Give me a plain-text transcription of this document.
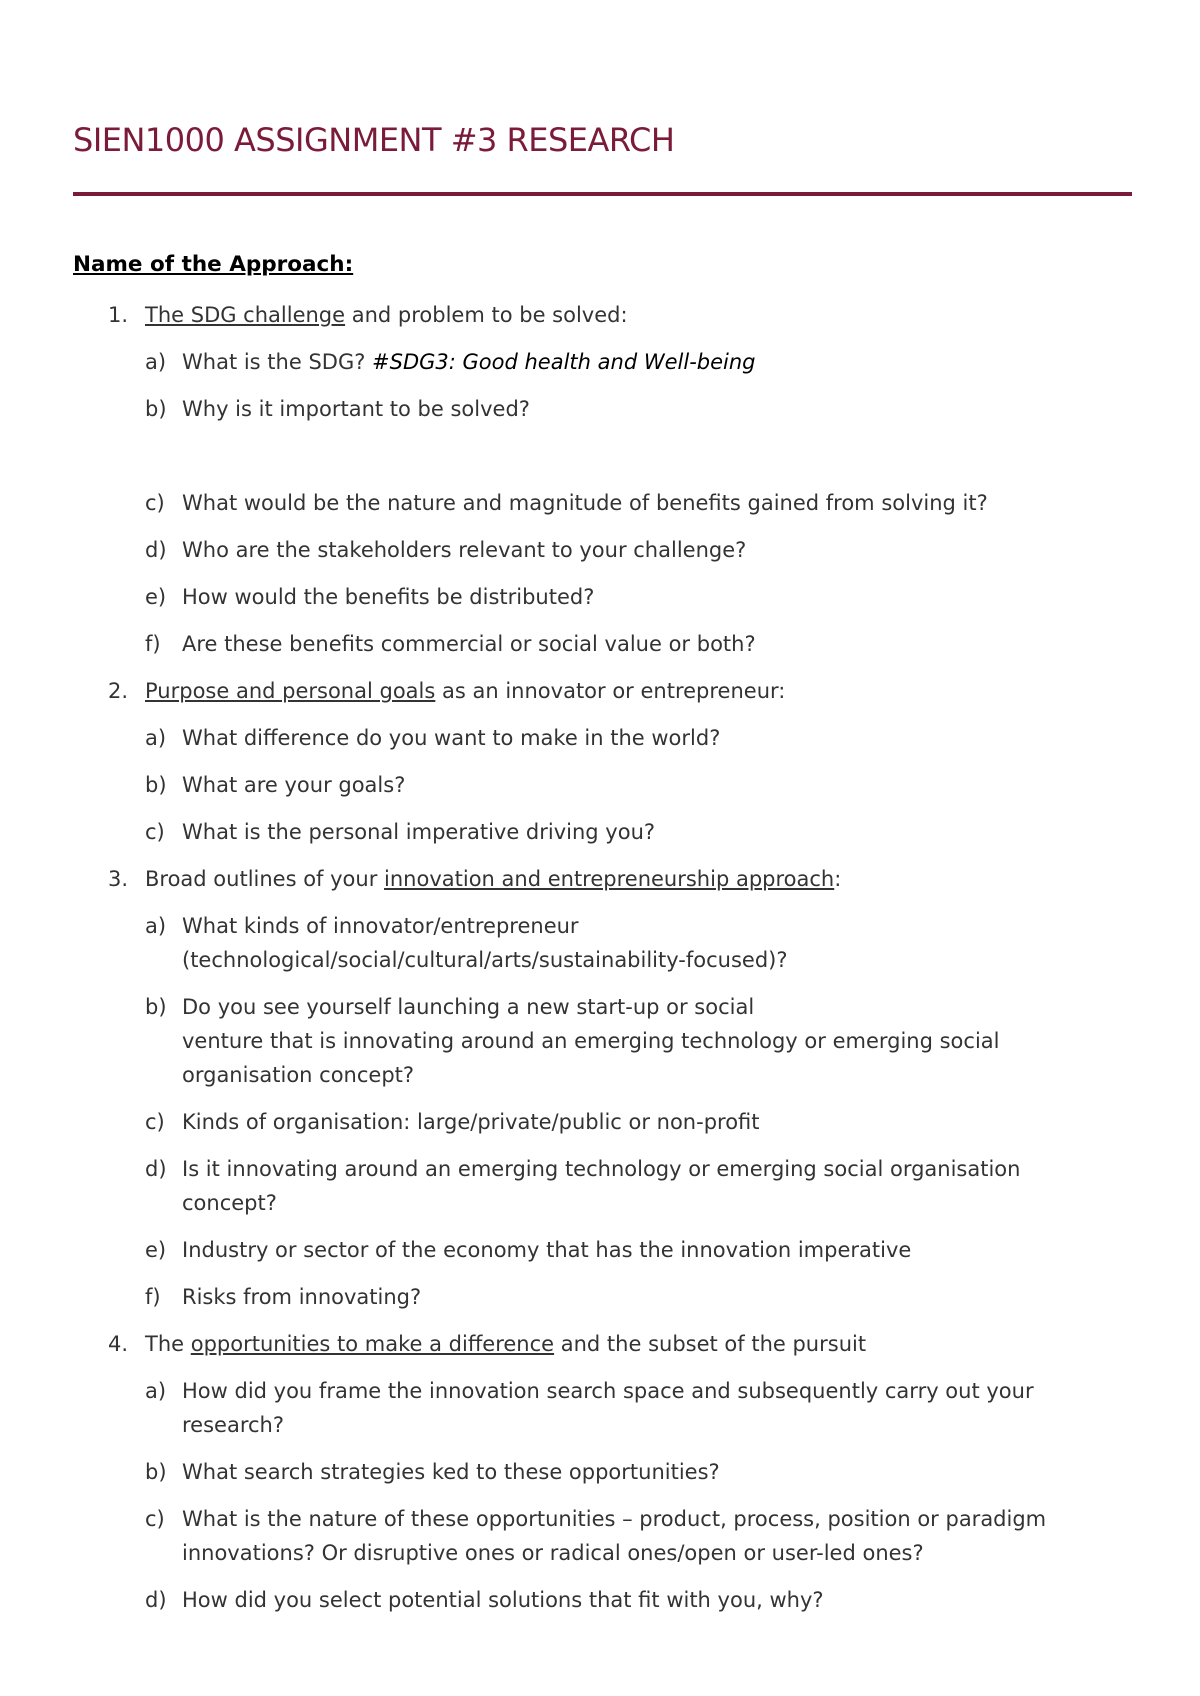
SIEN1000 ASSIGNMENT #3 RESEARCH
Name of the Approach:
1. The SDG challenge and problem to be solved:
a) What is the SDG? #SDG3: Good health and Well-being
b) Why is it important to be solved?
c) What would be the nature and magnitude of benefits gained from solving it?
d) Who are the stakeholders relevant to your challenge?
e) How would the benefits be distributed?
f)	Are these benefits commercial or social value or both?
2. Purpose and personal goals as an innovator or entrepreneur:
a) What difference do you want to make in the world?
b) What are your goals?
c) What is the personal imperative driving you?
3. Broad outlines of your innovation and entrepreneurship approach:
a) What kinds of innovator/entrepreneur
(technological/social/cultural/arts/sustainability-focused)?
b) Do you see yourself launching a new start-up or social
venture that is innovating around an emerging technology or emerging social
organisation concept?
c) Kinds of organisation: large/private/public or non-profit
d) Is it innovating around an emerging technology or emerging social organisation
concept?
e) Industry or sector of the economy that has the innovation imperative
f)	Risks from innovating?
4. The opportunities to make a difference and the subset of the pursuit
a) How did you frame the innovation search space and subsequently carry out your
research?
b) What search strategies ked to these opportunities?
c) What is the nature of these opportunities – product, process, position or paradigm
innovations? Or disruptive ones or radical ones/open or user-led ones?
d) How did you select potential solutions that fit with you, why?
